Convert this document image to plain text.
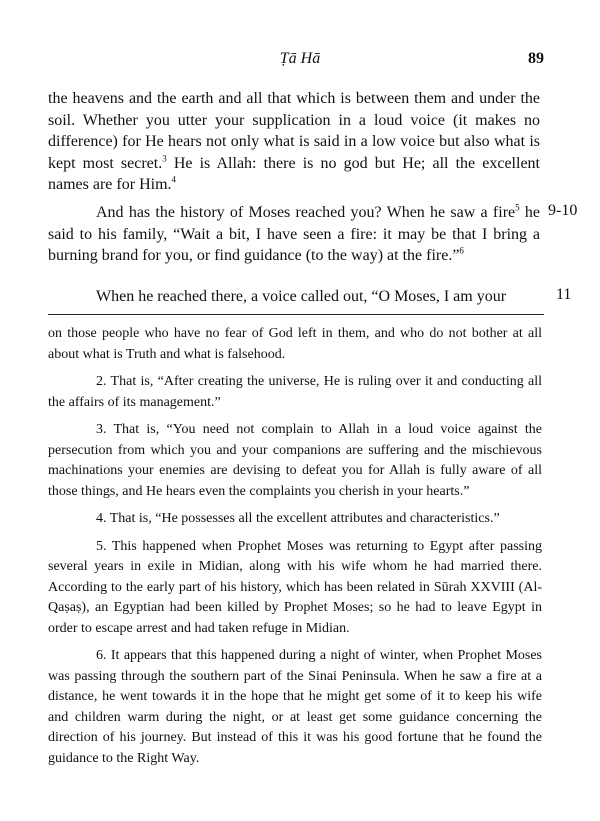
Ṭā Hā	89

the heavens and the earth and all that which is between them and under the soil. Whether you utter your supplication in a loud voice (it makes no difference) for He hears not only what is said in a low voice but also what is kept most secret.$^3$ He is Allah: there is no god but He; all the excellent names are for Him.$^4$

And has the history of Moses reached you? When he saw a fire$^5$ he said to his family, “Wait a bit, I have seen a fire: it may be that I bring a burning brand for you, or find guidance (to the way) at the fire.”$^6$

9-10

When he reached there, a voice called out, “O Moses, I am your	11

on those people who have no fear of God left in them, and who do not bother at all about what is Truth and what is falsehood.

2. That is, “After creating the universe, He is ruling over it and conducting all the affairs of its management.”

3. That is, “You need not complain to Allah in a loud voice against the persecution from which you and your companions are suffering and the mischievous machinations your enemies are devising to defeat you for Allah is fully aware of all those things, and He hears even the complaints you cherish in your hearts.”

4. That is, “He possesses all the excellent attributes and characteristics.”

5. This happened when Prophet Moses was returning to Egypt after passing several years in exile in Midian, along with his wife whom he had married there. According to the early part of his history, which has been related in Sūrah XXVIII (Al-Qaṣaṣ), an Egyptian had been killed by Prophet Moses; so he had to leave Egypt in order to escape arrest and had taken refuge in Midian.

6. It appears that this happened during a night of winter, when Prophet Moses was passing through the southern part of the Sinai Peninsula. When he saw a fire at a distance, he went towards it in the hope that he might get some of it to keep his wife and children warm during the night, or at least get some guidance concerning the direction of his journey. But instead of this it was his good fortune that he found the guidance to the Right Way.
